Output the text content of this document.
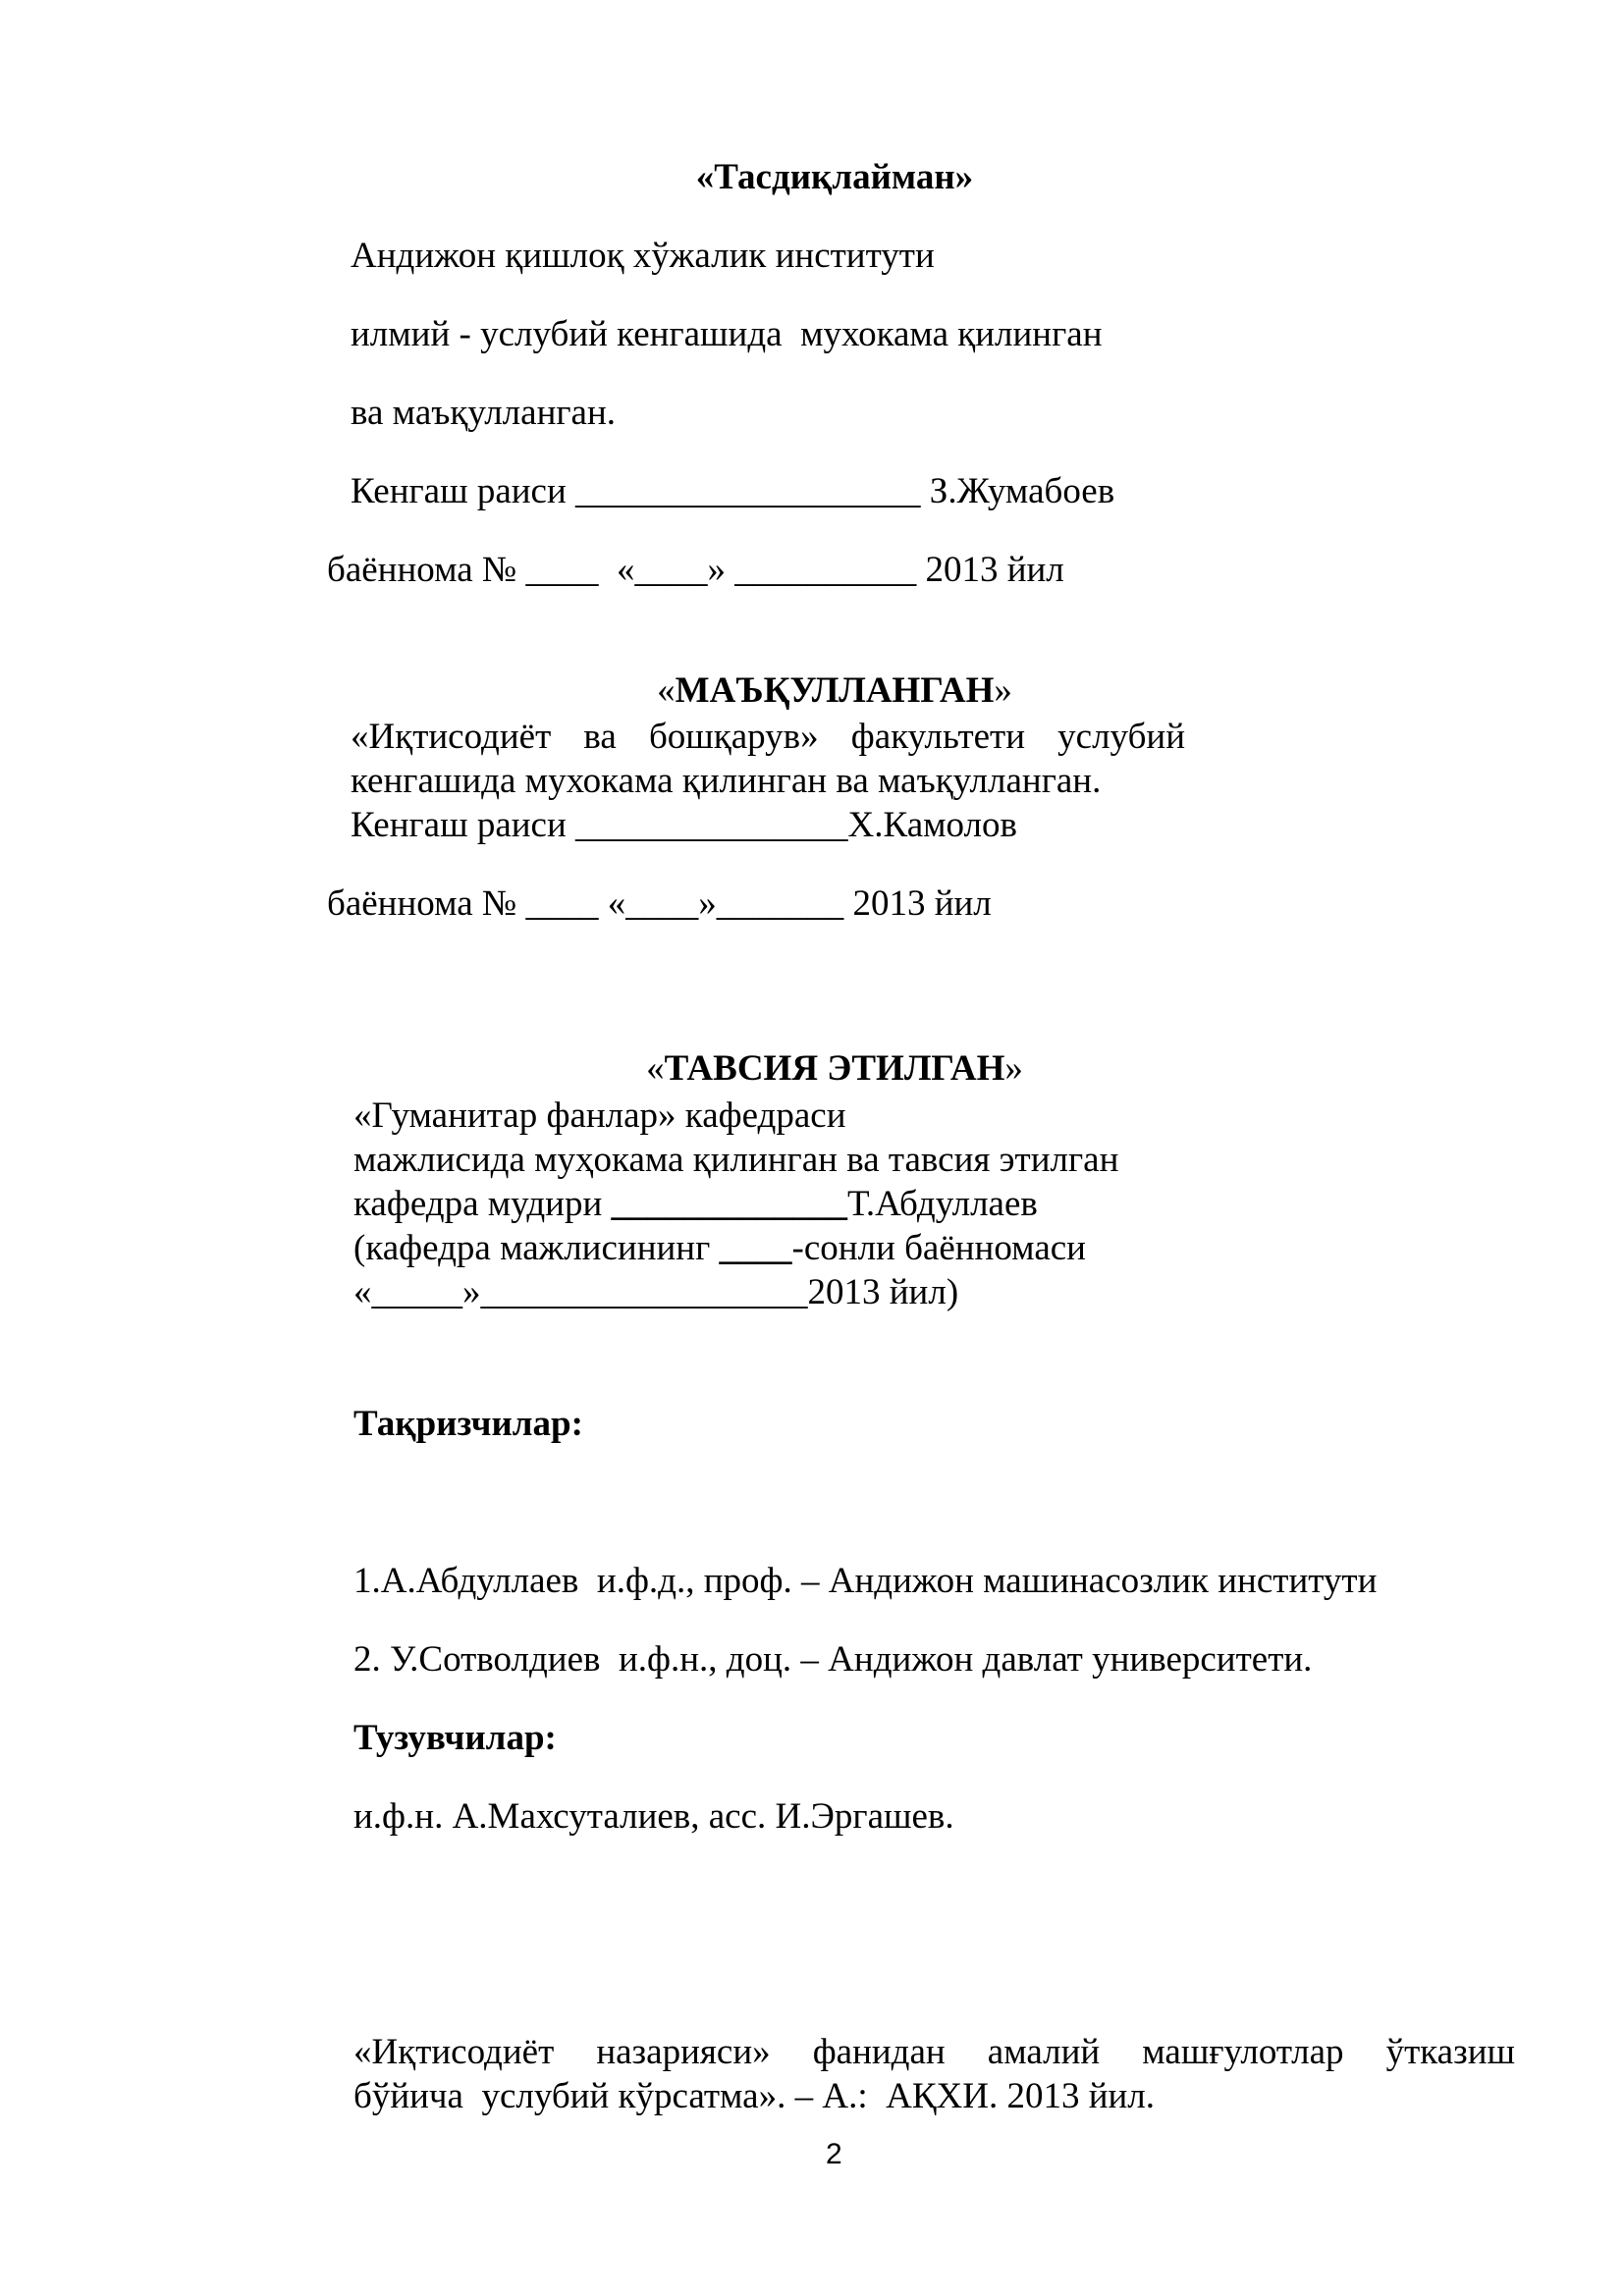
«Тасдиқлайман»
Андижон қишлоқ хўжалик институти
илмий - услубий кенгашида  мухокама қилинган
ва маъқулланган.
Кенгаш раиси ___________________ З.Жумабоев
баённома № ____  «____» __________ 2013 йил
«МАЪҚУЛЛАНГАН»
«Иқтисодиёт ва бошқарув» факультети услубий
кенгашида мухокама қилинган ва маъқулланган.
Кенгаш раиси _______________Х.Камолов
баённома № ____ «____»_______ 2013 йил
«ТАВСИЯ ЭТИЛГАН»
«Гуманитар фанлар» кафедраси
мажлисида муҳокама қилинган ва тавсия этилган
кафедра мудири _____________Т.Абдуллаев
(кафедра мажлисининг ____-сонли баённомаси
«_____»__________________2013 йил)
Тақризчилар:
1.А.Абдуллаев  и.ф.д., проф. – Андижон машинасозлик институти
2. У.Сотволдиев  и.ф.н., доц. – Андижон давлат университети.
Тузувчилар:
и.ф.н. А.Махсуталиев, асс. И.Эргашев.
«Иқтисодиёт назарияси» фанидан амалий машғулотлар ўтказиш
бўйича  услубий кўрсатма». – А.:  АҚХИ. 2013 йил.
2
